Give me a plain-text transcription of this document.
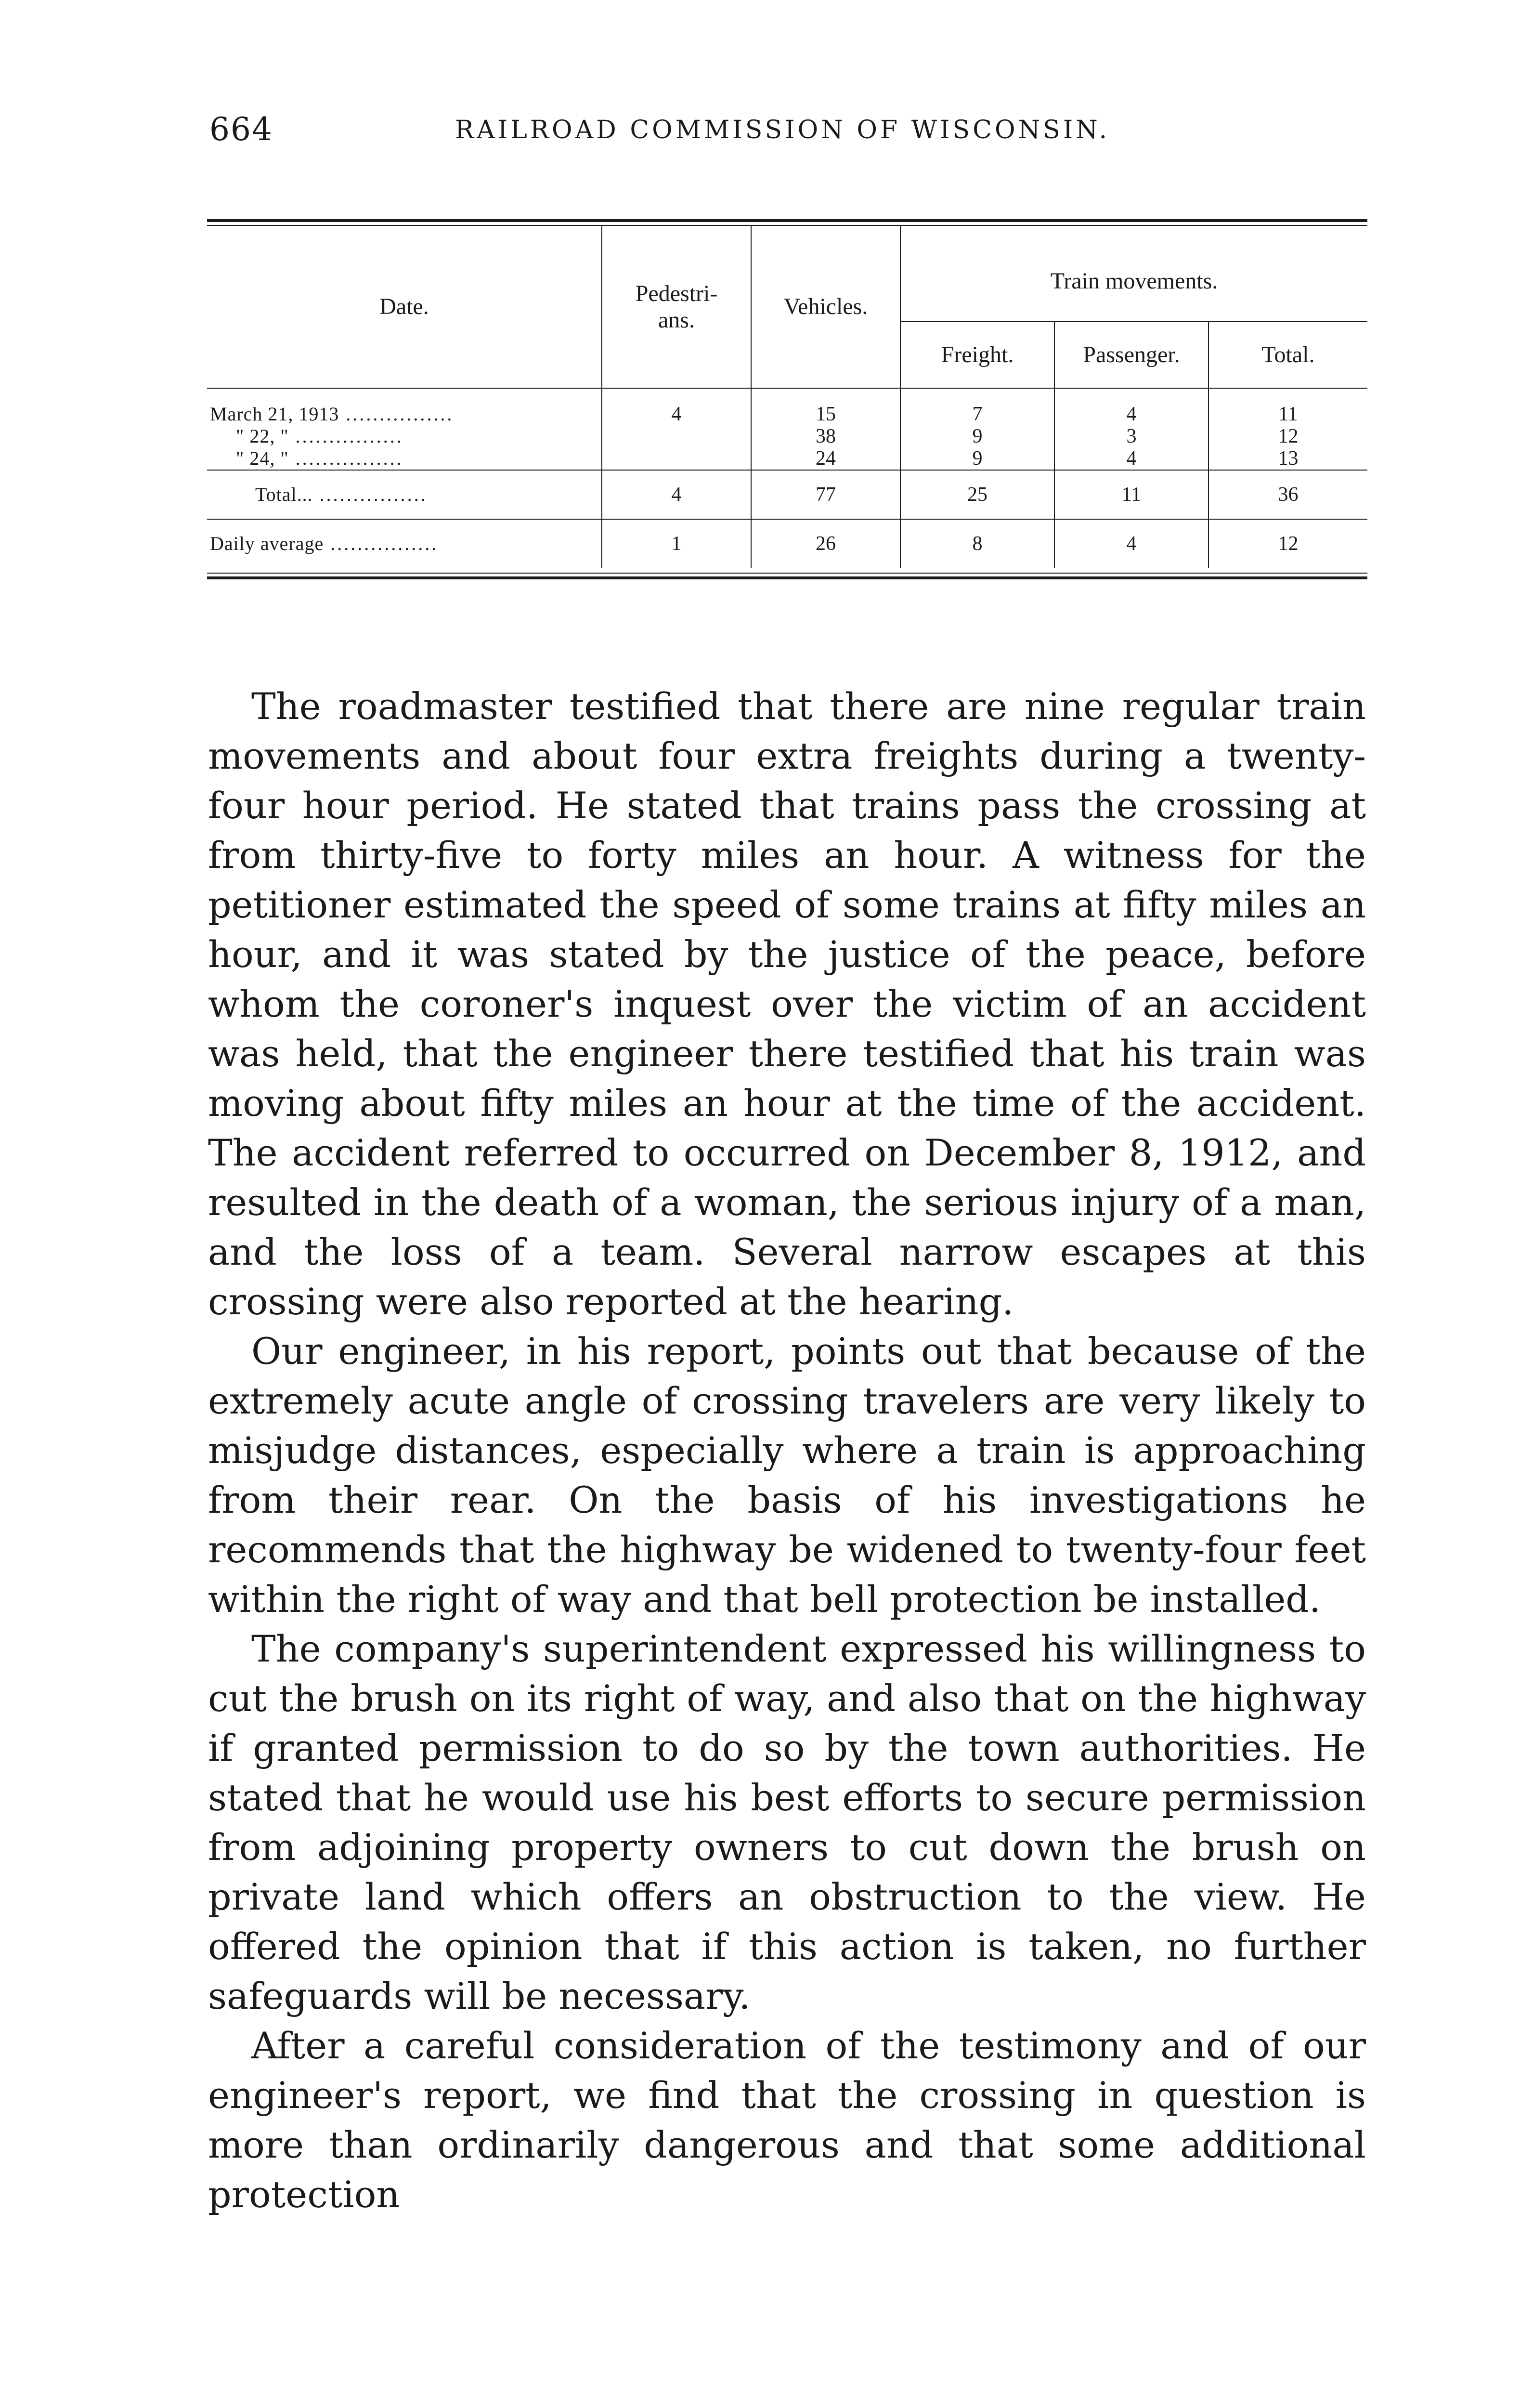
664	RAILROAD COMMISSION OF WISCONSIN.
Date.	Pedestri- ans.	Vehicles.	Train movements.		
			Freight.	Passenger.	Total.
March 21, 1913 .....	4	15	7	4	11
" 22, " .....		38	9	3	12
" 24, " .....		24	9	4	13
Total... .....	4	77	25	11	36
Daily average .....	1	26	8	4	12

The roadmaster testified that there are nine regular train movements and about four extra freights during a twenty-four hour period. He stated that trains pass the crossing at from thirty-five to forty miles an hour. A witness for the petitioner estimated the speed of some trains at fifty miles an hour, and it was stated by the justice of the peace, before whom the coroner's inquest over the victim of an accident was held, that the engineer there testified that his train was moving about fifty miles an hour at the time of the accident. The accident referred to occurred on December 8, 1912, and resulted in the death of a woman, the serious injury of a man, and the loss of a team. Several narrow escapes at this crossing were also reported at the hearing.

Our engineer, in his report, points out that because of the extremely acute angle of crossing travelers are very likely to misjudge distances, especially where a train is approaching from their rear. On the basis of his investigations he recommends that the highway be widened to twenty-four feet within the right of way and that bell protection be installed.

The company's superintendent expressed his willingness to cut the brush on its right of way, and also that on the highway if granted permission to do so by the town authorities. He stated that he would use his best efforts to secure permission from adjoining property owners to cut down the brush on private land which offers an obstruction to the view. He offered the opinion that if this action is taken, no further safeguards will be necessary.

After a careful consideration of the testimony and of our engineer's report, we find that the crossing in question is more than ordinarily dangerous and that some additional protection
